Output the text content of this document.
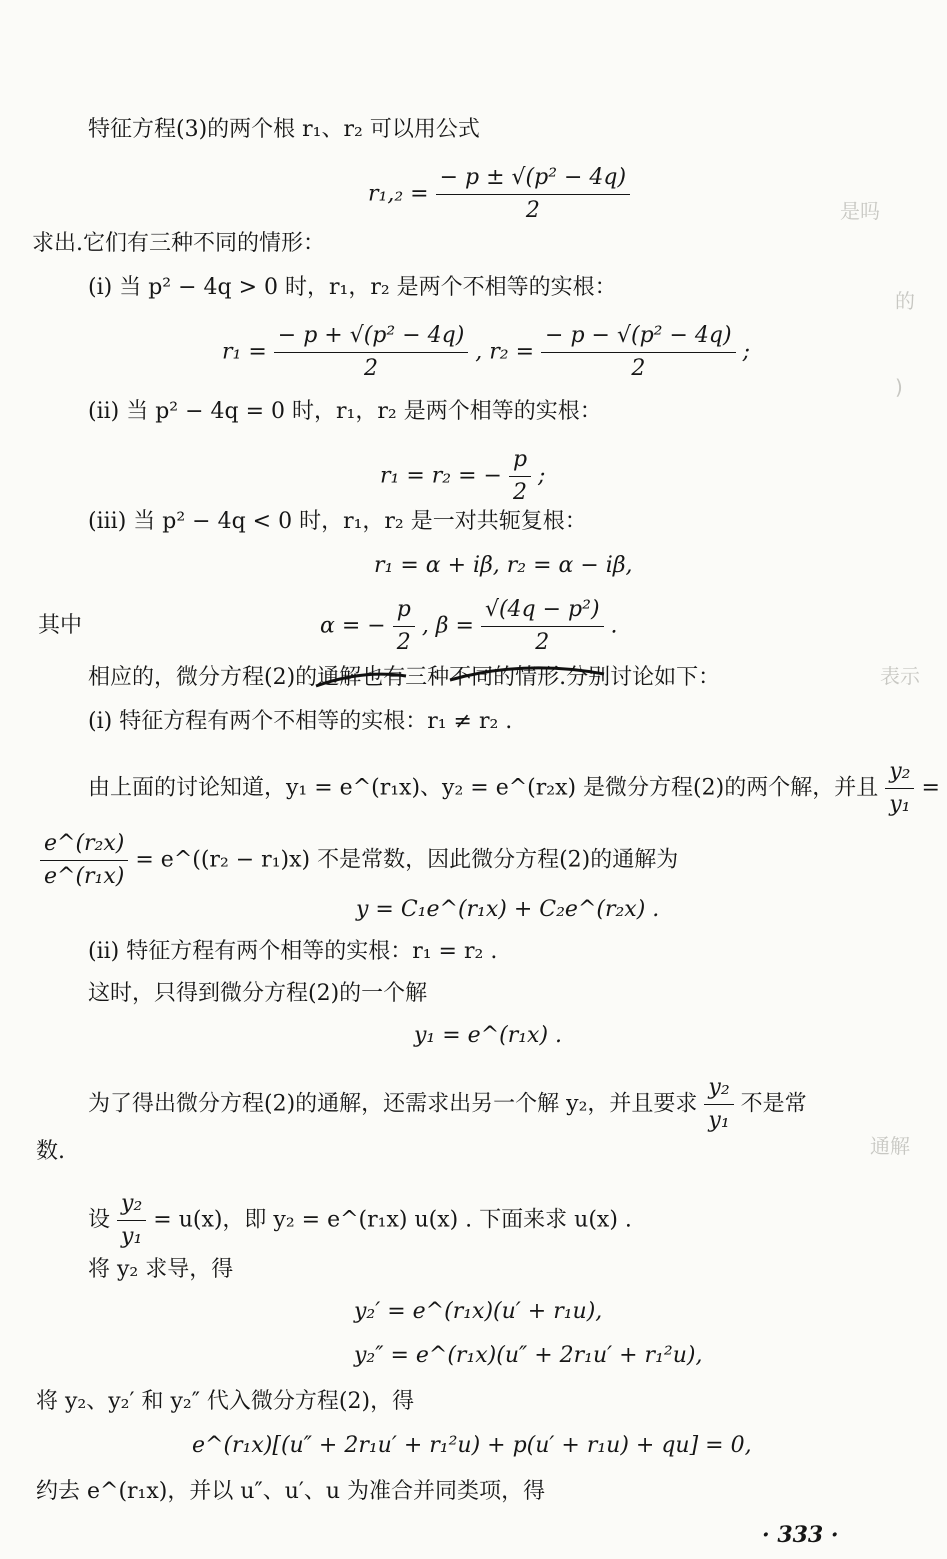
是吗
的
)
表示
通解
特征方程(3)的两个根 r₁、r₂ 可以用公式
$r_1,_2 = \frac{\text{− p ± √(p² − 4q)}}{2}$
求出.它们有三种不同的情形：
(i) 当 p² − 4q > 0 时，r₁，r₂ 是两个不相等的实根：
$r_1 = \frac{\text{− p + √(p² − 4q)}}{2}$ , $r_2 = \frac{\text{− p − √(p² − 4q)}}{2}$ ;
(ii) 当 p² − 4q = 0 时，r₁，r₂ 是两个相等的实根：
r₁ = r₂ = − $\frac{p}{2}$ ;
(iii) 当 p² − 4q < 0 时，r₁，r₂ 是一对共轭复根：
r₁ = α + iβ, r₂ = α − iβ,
其中	α = − $\frac{p}{2}$ , $\beta = \frac{\text{√(4q − p²)}}{2}$ .
相应的，微分方程(2)的通解也有三种不同的情形.分别讨论如下：
(i) 特征方程有两个不相等的实根：r₁ ≠ r₂ .
由上面的讨论知道，y₁ = e^(r₁x)、y₂ = e^(r₂x) 是微分方程(2)的两个解，并且 $\frac{\text{y₂}}{\text{y₁}}$ =
$\frac{\text{e\textasciicircum{}(r₂x)}}{\text{e\textasciicircum{}(r₁x)}}$ = e^((r₂ − r₁)x) 不是常数，因此微分方程(2)的通解为
y = C₁e^(r₁x) + C₂e^(r₂x) .
(ii) 特征方程有两个相等的实根：r₁ = r₂ .
这时，只得到微分方程(2)的一个解
y₁ = e^(r₁x) .
为了得出微分方程(2)的通解，还需求出另一个解 y₂，并且要求 $\frac{\text{y₂}}{\text{y₁}}$ 不是常
数.
设 $\frac{\text{y₂}}{\text{y₁}} = u(x)$，即 y₂ = e^(r₁x) u(x) . 下面来求 u(x) .
将 y₂ 求导，得
y₂′ = e^(r₁x)(u′ + r₁u),
y₂″ = e^(r₁x)(u″ + 2r₁u′ + r₁²u),
将 y₂、y₂′ 和 y₂″ 代入微分方程(2)，得
e^(r₁x)[(u″ + 2r₁u′ + r₁²u) + p(u′ + r₁u) + qu] = 0,
约去 e^(r₁x)，并以 u″、u′、u 为准合并同类项，得
· 333 ·
